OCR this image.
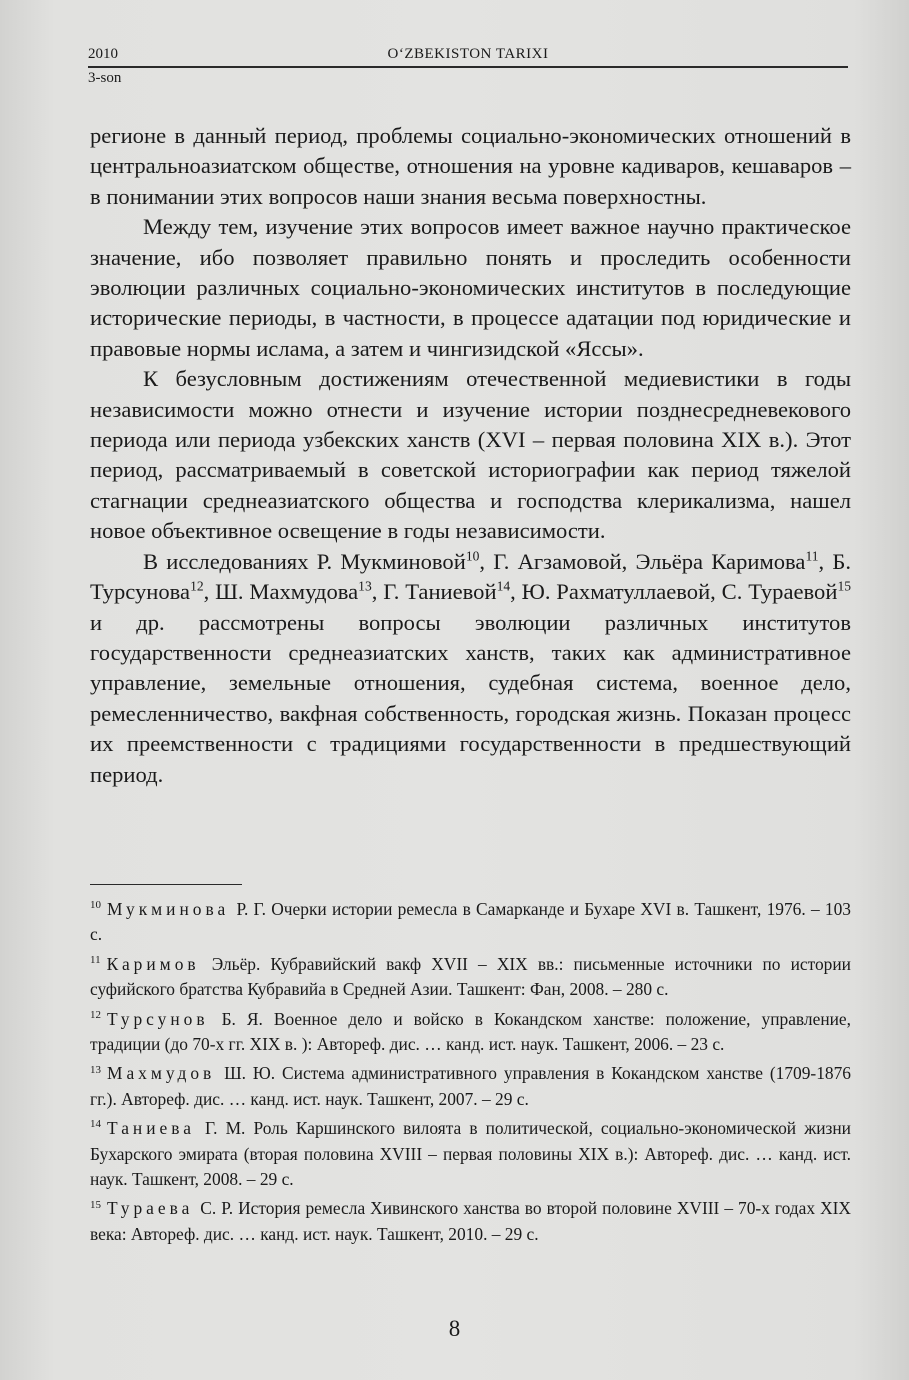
2010	O‘ZBEKISTON TARIXI
3-son

регионе в данный период, проблемы социально-экономических отношений в центральноазиатском обществе, отношения на уровне кадиваров, кешаваров – в понимании этих вопросов наши знания весьма поверхностны.

Между тем, изучение этих вопросов имеет важное научно практическое значение, ибо позволяет правильно понять и проследить особенности эволюции различных социально-экономических институтов в последующие исторические периоды, в частности, в процессе адатации под юридические и правовые нормы ислама, а затем и чингизидской «Яссы».

К безусловным достижениям отечественной медиевистики в годы независимости можно отнести и изучение истории позднесредневекового периода или периода узбекских ханств (XVI – первая половина XIX в.). Этот период, рассматриваемый в советской историографии как период тяжелой стагнации среднеазиатского общества и господства клерикализма, нашел новое объективное освещение в годы независимости.

В исследованиях Р. Мукминовой$^{10}$, Г. Агзамовой, Эльёра Каримова$^{11}$, Б. Турсунова$^{12}$, Ш. Махмудова$^{13}$, Г. Таниевой$^{14}$, Ю. Рахматуллаевой, С. Тураевой$^{15}$ и др. рассмотрены вопросы эволюции различных институтов государственности среднеазиатских ханств, таких как административное управление, земельные отношения, судебная система, военное дело, ремесленничество, вакфная собственность, городская жизнь. Показан процесс их преемственности с традициями государственности в предшествующий период.

$^{10}$ Мукминова Р. Г. Очерки истории ремесла в Самарканде и Бухаре XVI в. Ташкент, 1976. – 103 с.

$^{11}$ Каримов Эльёр. Кубравийский вакф XVII – XIX вв.: письменные источники по истории суфийского братства Кубравийа в Средней Азии. Ташкент: Фан, 2008. – 280 с.

$^{12}$ Турсунов Б. Я. Военное дело и войско в Кокандском ханстве: положение, управление, традиции (до 70-х гг. XIX в. ): Автореф. дис. … канд. ист. наук. Ташкент, 2006. – 23 с.

$^{13}$ Махмудов Ш. Ю. Система административного управления в Кокандском ханстве (1709-1876 гг.). Автореф. дис. … канд. ист. наук. Ташкент, 2007. – 29 с.

$^{14}$ Таниева Г. М. Роль Каршинского вилоята в политической, социально-экономической жизни Бухарского эмирата (вторая половина XVIII – первая половины XIX в.): Автореф. дис. … канд. ист. наук. Ташкент, 2008. – 29 с.

$^{15}$ Тураева С. Р. История ремесла Хивинского ханства во второй половине XVIII – 70-х годах XIX века: Автореф. дис. … канд. ист. наук. Ташкент, 2010. – 29 с.

8
